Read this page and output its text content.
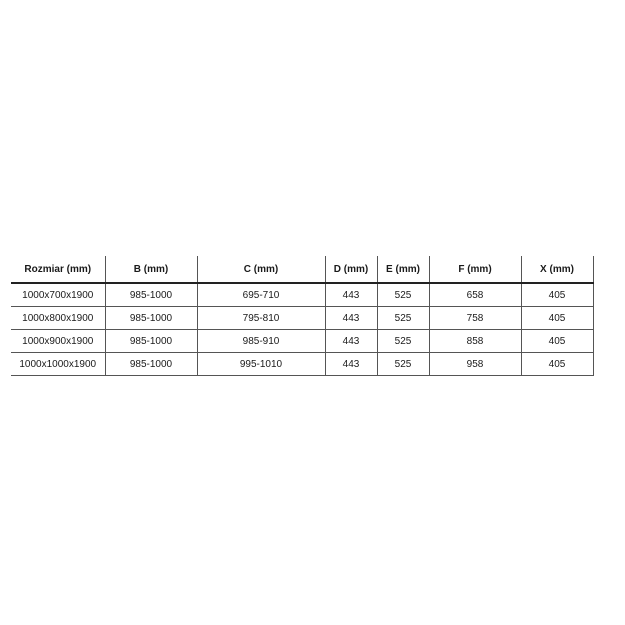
Rozmiar (mm)	B (mm)	C (mm)	D (mm)	E (mm)	F (mm)	X (mm)
1000x700x1900	985-1000	695-710	443	525	658	405
1000x800x1900	985-1000	795-810	443	525	758	405
1000x900x1900	985-1000	985-910	443	525	858	405
1000x1000x1900	985-1000	995-1010	443	525	958	405
